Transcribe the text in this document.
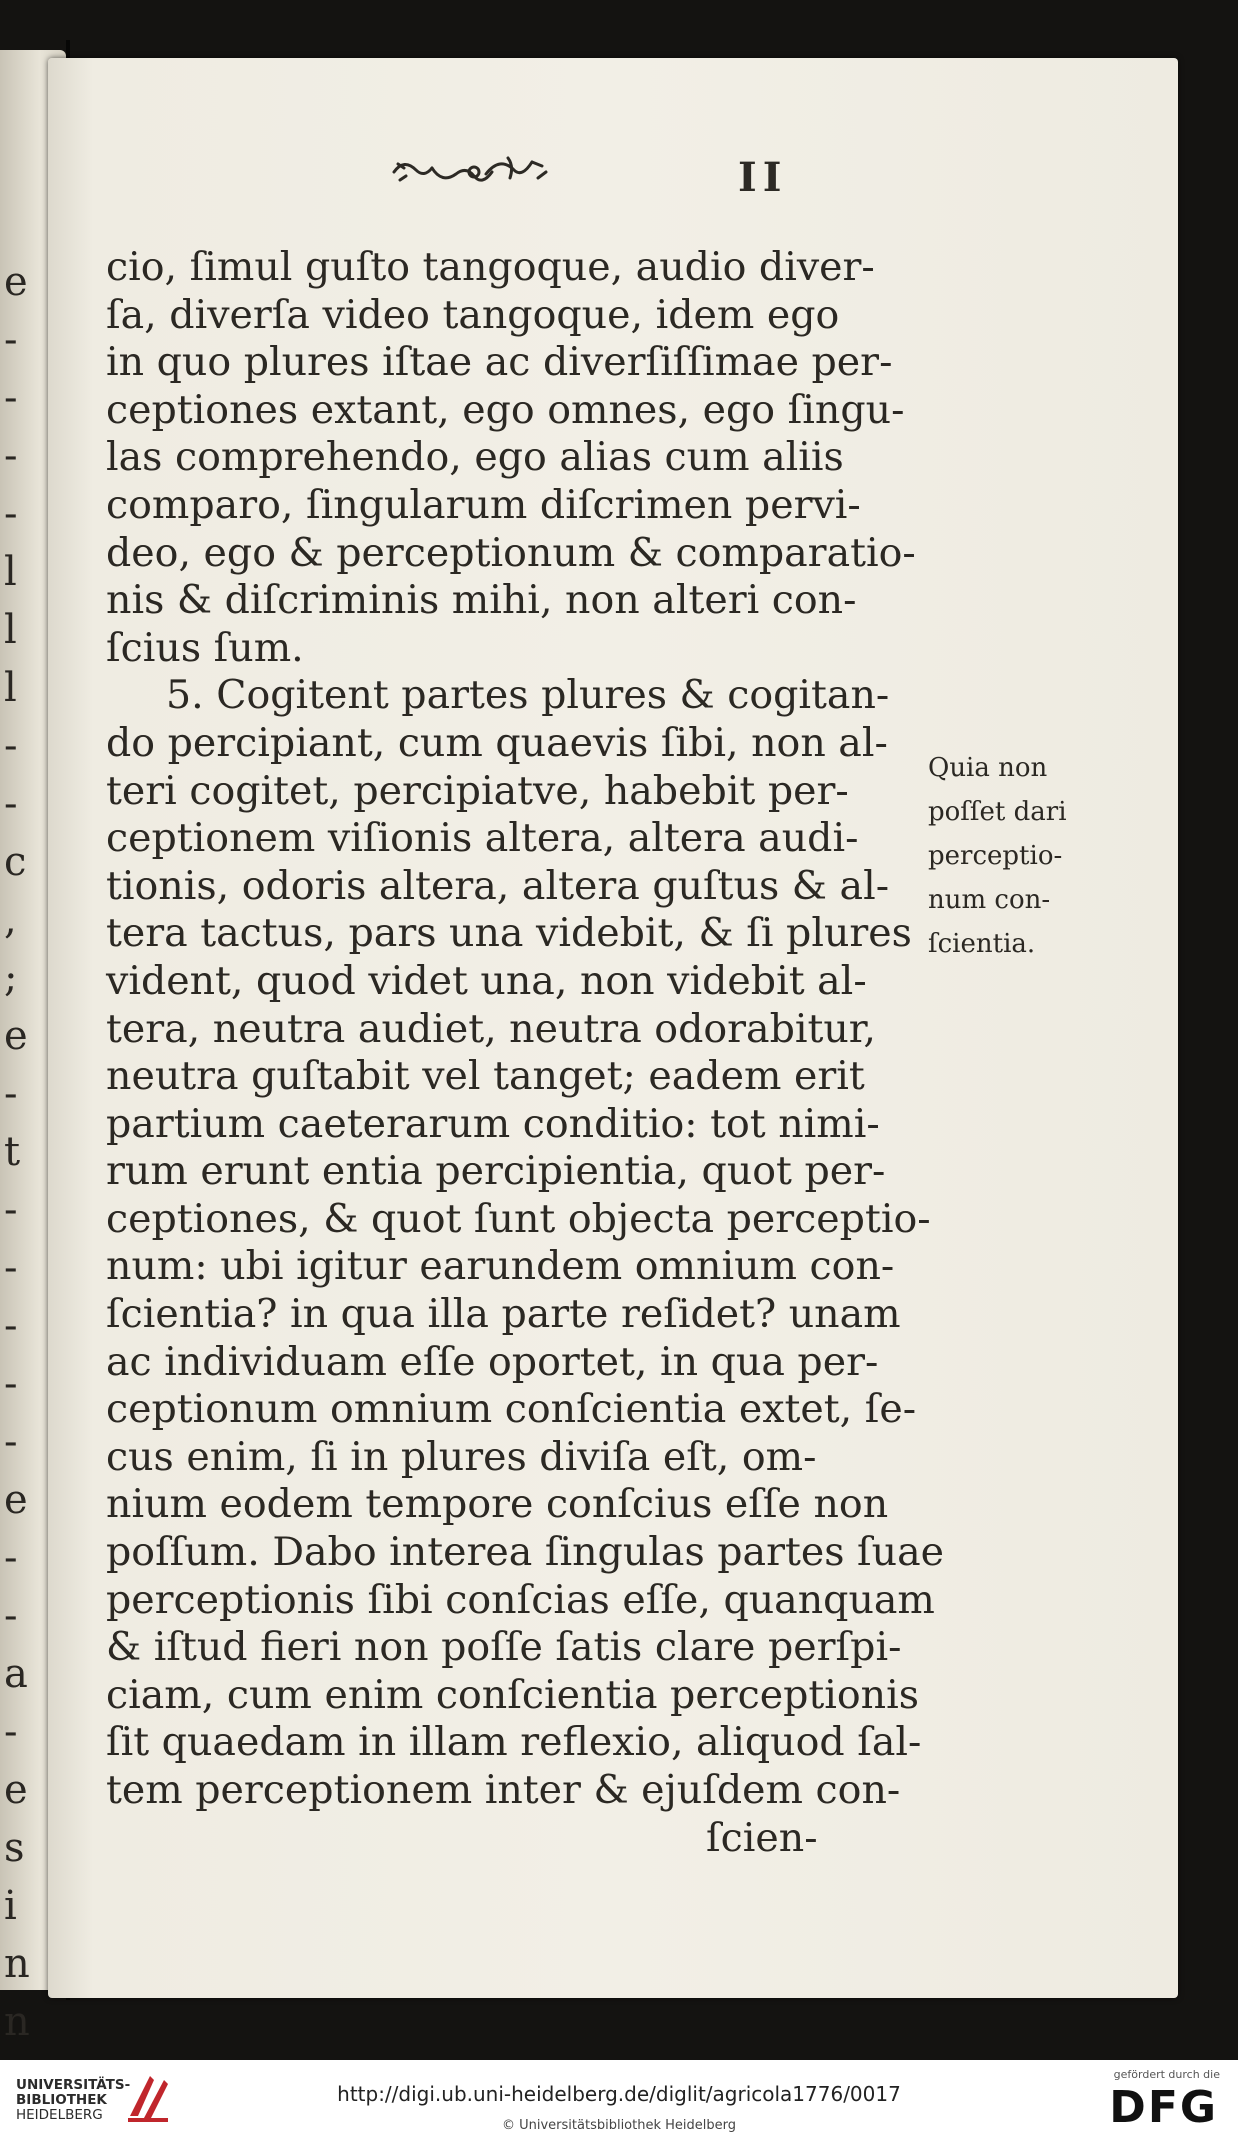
e
-
-
-
-
l
l
l
-
-
c
,
;
e
-
t
-
-
-
-
-
e
-
-
a
-
e
s
i
n
n
II
cio, ſimul guſto tangoque, audio diver-
ſa, diverſa video tangoque, idem ego
in quo plures iſtae ac diverſiſſimae per-
ceptiones extant, ego omnes, ego ſingu-
las comprehendo, ego alias cum aliis
comparo, ſingularum diſcrimen pervi-
deo, ego & perceptionum & comparatio-
nis & diſcriminis mihi, non alteri con-
ſcius ſum.
5. Cogitent partes plures & cogitan-
do percipiant, cum quaevis ſibi, non al-
teri cogitet, percipiatve, habebit per-
ceptionem viſionis altera, altera audi-
tionis, odoris altera, altera guſtus & al-
tera tactus, pars una videbit, & ſi plures
vident, quod videt una, non videbit al-
tera, neutra audiet, neutra odorabitur,
neutra guſtabit vel tanget; eadem erit
partium caeterarum conditio: tot nimi-
rum erunt entia percipientia, quot per-
ceptiones, & quot ſunt objecta perceptio-
num: ubi igitur earundem omnium con-
ſcientia? in qua illa parte reſidet? unam
ac individuam eſſe oportet, in qua per-
ceptionum omnium conſcientia extet, ſe-
cus enim, ſi in plures diviſa eſt, om-
nium eodem tempore conſcius eſſe non
poſſum. Dabo interea ſingulas partes ſuae
perceptionis ſibi conſcias eſſe, quanquam
& iſtud fieri non poſſe ſatis clare perſpi-
ciam, cum enim conſcientia perceptionis
ſit quaedam in illam reflexio, aliquod ſal-
tem perceptionem inter & ejuſdem con-
ſcien-
Quia non
poſſet dari
perceptio-
num con-
ſcientia.
UNIVERSITÄTS-
BIBLIOTHEK
HEIDELBERG
http://digi.ub.uni-heidelberg.de/diglit/agricola1776/0017
© Universitätsbibliothek Heidelberg
gefördert durch die
DFG
